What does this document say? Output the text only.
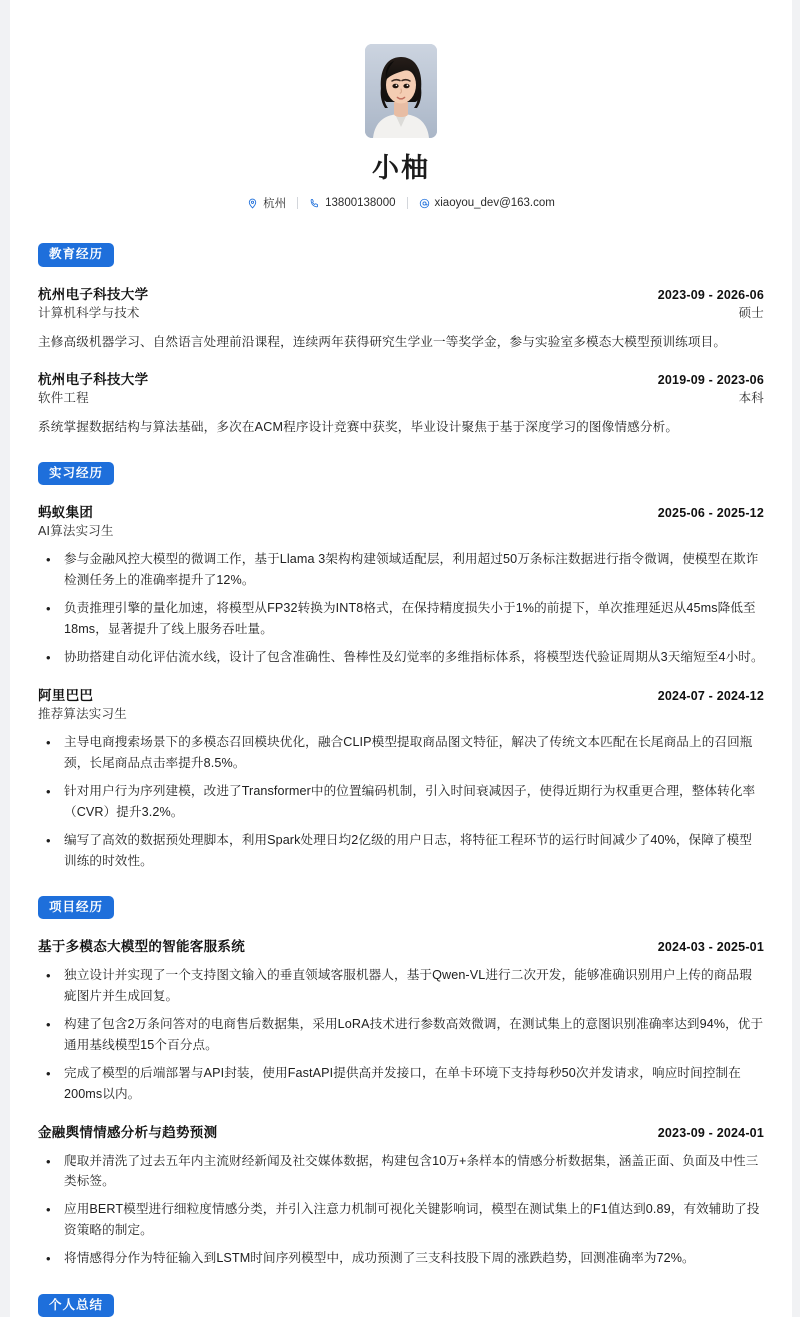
小柚
杭州	13800138000	xiaoyou_dev@163.com
教育经历
杭州电子科技大学	2023-09 - 2026-06
计算机科学与技术	硕士
主修高级机器学习、自然语言处理前沿课程，连续两年获得研究生学业一等奖学金，参与实验室多模态大模型预训练项目。
杭州电子科技大学	2019-09 - 2023-06
软件工程	本科
系统掌握数据结构与算法基础，多次在ACM程序设计竞赛中获奖，毕业设计聚焦于基于深度学习的图像情感分析。
实习经历
蚂蚁集团	2025-06 - 2025-12
AI算法实习生
•	参与金融风控大模型的微调工作，基于Llama 3架构构建领域适配层，利用超过50万条标注数据进行指令微调，使模型在欺诈检测任务上的准确率提升了12%。
•	负责推理引擎的量化加速，将模型从FP32转换为INT8格式，在保持精度损失小于1%的前提下，单次推理延迟从45ms降低至18ms，显著提升了线上服务吞吐量。
•	协助搭建自动化评估流水线，设计了包含准确性、鲁棒性及幻觉率的多维指标体系，将模型迭代验证周期从3天缩短至4小时。
阿里巴巴	2024-07 - 2024-12
推荐算法实习生
•	主导电商搜索场景下的多模态召回模块优化，融合CLIP模型提取商品图文特征，解决了传统文本匹配在长尾商品上的召回瓶颈，长尾商品点击率提升8.5%。
•	针对用户行为序列建模，改进了Transformer中的位置编码机制，引入时间衰减因子，使得近期行为权重更合理，整体转化率（CVR）提升3.2%。
•	编写了高效的数据预处理脚本，利用Spark处理日均2亿级的用户日志，将特征工程环节的运行时间减少了40%，保障了模型训练的时效性。
项目经历
基于多模态大模型的智能客服系统	2024-03 - 2025-01
•	独立设计并实现了一个支持图文输入的垂直领域客服机器人，基于Qwen-VL进行二次开发，能够准确识别用户上传的商品瑕疵图片并生成回复。
•	构建了包含2万条问答对的电商售后数据集，采用LoRA技术进行参数高效微调，在测试集上的意图识别准确率达到94%，优于通用基线模型15个百分点。
•	完成了模型的后端部署与API封装，使用FastAPI提供高并发接口，在单卡环境下支持每秒50次并发请求，响应时间控制在200ms以内。
金融舆情情感分析与趋势预测	2023-09 - 2024-01
•	爬取并清洗了过去五年内主流财经新闻及社交媒体数据，构建包含10万+条样本的情感分析数据集，涵盖正面、负面及中性三类标签。
•	应用BERT模型进行细粒度情感分类，并引入注意力机制可视化关键影响词，模型在测试集上的F1值达到0.89，有效辅助了投资策略的制定。
•	将情感得分作为特征输入到LSTM时间序列模型中，成功预测了三支科技股下周的涨跌趋势，回测准确率为72%。
个人总结
